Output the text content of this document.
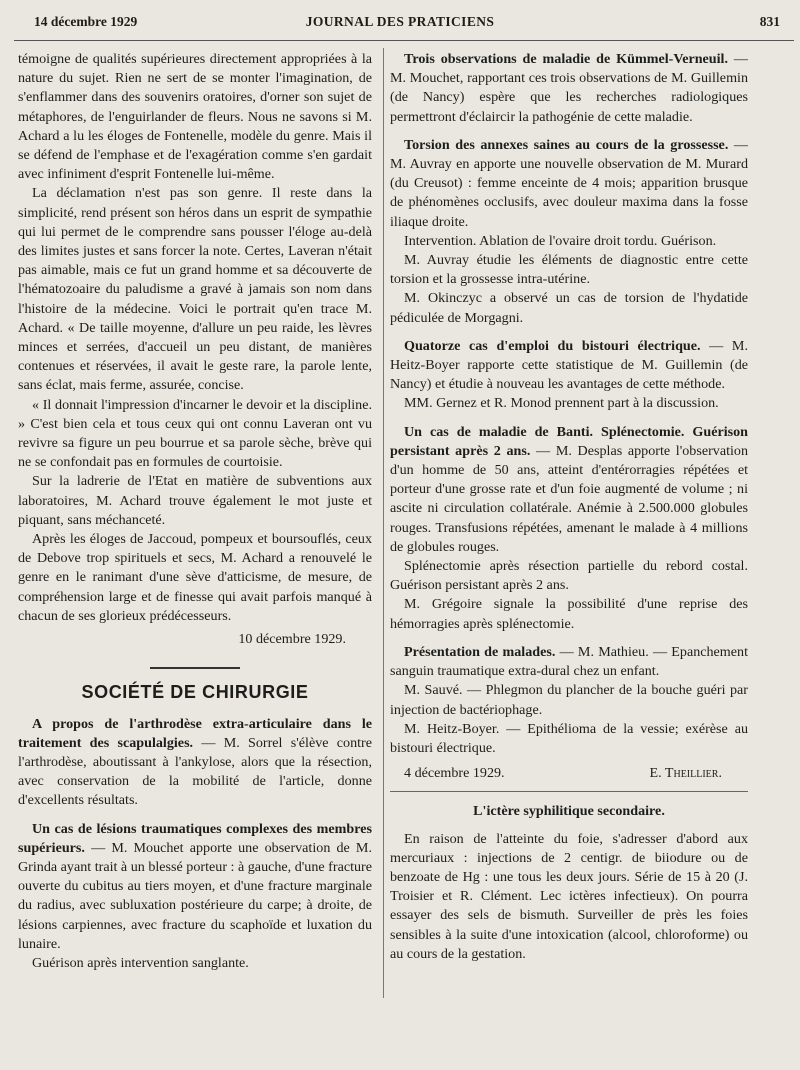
14 décembre 1929	JOURNAL DES PRATICIENS	831

témoigne de qualités supérieures directement appropriées à la nature du sujet. Rien ne sert de se monter l'imagination, de s'enflammer dans des souvenirs oratoires, d'orner son sujet de métaphores, de l'enguirlander de fleurs. Nous ne savons si M. Achard a lu les éloges de Fontenelle, modèle du genre. Mais il se défend de l'emphase et de l'exagération comme s'en gardait avec infiniment d'esprit Fontenelle lui-même.

La déclamation n'est pas son genre. Il reste dans la simplicité, rend présent son héros dans un esprit de sympathie qui lui permet de le comprendre sans pousser l'éloge au-delà des limites justes et sans forcer la note. Certes, Laveran n'était pas aimable, mais ce fut un grand homme et sa découverte de l'hématozoaire du paludisme a gravé à jamais son nom dans l'histoire de la médecine. Voici le portrait qu'en trace M. Achard. « De taille moyenne, d'allure un peu raide, les lèvres minces et serrées, d'accueil un peu distant, de manières contenues et réservées, il avait le geste rare, la parole lente, sans éclat, mais ferme, assurée, concise.

« Il donnait l'impression d'incarner le devoir et la discipline. » C'est bien cela et tous ceux qui ont connu Laveran ont vu revivre sa figure un peu bourrue et sa parole sèche, brève qui ne se confondait pas en formules de courtoisie.

Sur la ladrerie de l'Etat en matière de subventions aux laboratoires, M. Achard trouve également le mot juste et piquant, sans méchanceté.

Après les éloges de Jaccoud, pompeux et boursouflés, ceux de Debove trop spirituels et secs, M. Achard a renouvelé le genre en le ranimant d'une sève d'atticisme, de mesure, de compréhension large et de finesse qui avait parfois manqué à chacun de ses glorieux prédécesseurs.

10 décembre 1929.

SOCIÉTÉ DE CHIRURGIE

A propos de l'arthrodèse extra-articulaire dans le traitement des scapulalgies. — M. Sorrel s'élève contre l'arthrodèse, aboutissant à l'ankylose, alors que la résection, avec conservation de la mobilité de l'article, donne d'excellents résultats.

Un cas de lésions traumatiques complexes des membres supérieurs. — M. Mouchet apporte une observation de M. Grinda ayant trait à un blessé porteur : à gauche, d'une fracture ouverte du cubitus au tiers moyen, et d'une fracture marginale du radius, avec subluxation postérieure du carpe; à droite, de lésions carpiennes, avec fracture du scaphoïde et luxation du lunaire.

Guérison après intervention sanglante.

Trois observations de maladie de Kümmel-Verneuil. — M. Mouchet, rapportant ces trois observations de M. Guillemin (de Nancy) espère que les recherches radiologiques permettront d'éclaircir la pathogénie de cette maladie.

Torsion des annexes saines au cours de la grossesse. — M. Auvray en apporte une nouvelle observation de M. Murard (du Creusot) : femme enceinte de 4 mois; apparition brusque de phénomènes occlusifs, avec douleur maxima dans la fosse iliaque droite.

Intervention. Ablation de l'ovaire droit tordu. Guérison.

M. Auvray étudie les éléments de diagnostic entre cette torsion et la grossesse intra-utérine.

M. Okinczyc a observé un cas de torsion de l'hydatide pédiculée de Morgagni.

Quatorze cas d'emploi du bistouri électrique. — M. Heitz-Boyer rapporte cette statistique de M. Guillemin (de Nancy) et étudie à nouveau les avantages de cette méthode.

MM. Gernez et R. Monod prennent part à la discussion.

Un cas de maladie de Banti. Splénectomie. Guérison persistant après 2 ans. — M. Desplas apporte l'observation d'un homme de 50 ans, atteint d'entérorragies répétées et porteur d'une grosse rate et d'un foie augmenté de volume ; ni ascite ni circulation collatérale. Anémie à 2.500.000 globules rouges. Transfusions répétées, amenant le malade à 4 millions de globules rouges.

Splénectomie après résection partielle du rebord costal. Guérison persistant après 2 ans.

M. Grégoire signale la possibilité d'une reprise des hémorragies après splénectomie.

Présentation de malades. — M. Mathieu. — Epanchement sanguin traumatique extra-dural chez un enfant.

M. Sauvé. — Phlegmon du plancher de la bouche guéri par injection de bactériophage.

M. Heitz-Boyer. — Epithélioma de la vessie; exérèse au bistouri électrique.

4 décembre 1929.	E. Theillier.
L'ictère syphilitique secondaire.

En raison de l'atteinte du foie, s'adresser d'abord aux mercuriaux : injections de 2 centigr. de biiodure ou de benzoate de Hg : une tous les deux jours. Série de 15 à 20 (J. Troisier et R. Clément. Lec ictères infectieux). On pourra essayer des sels de bismuth. Surveiller de près les foies sensibles à la suite d'une intoxication (alcool, chloroforme) ou au cours de la gestation.
